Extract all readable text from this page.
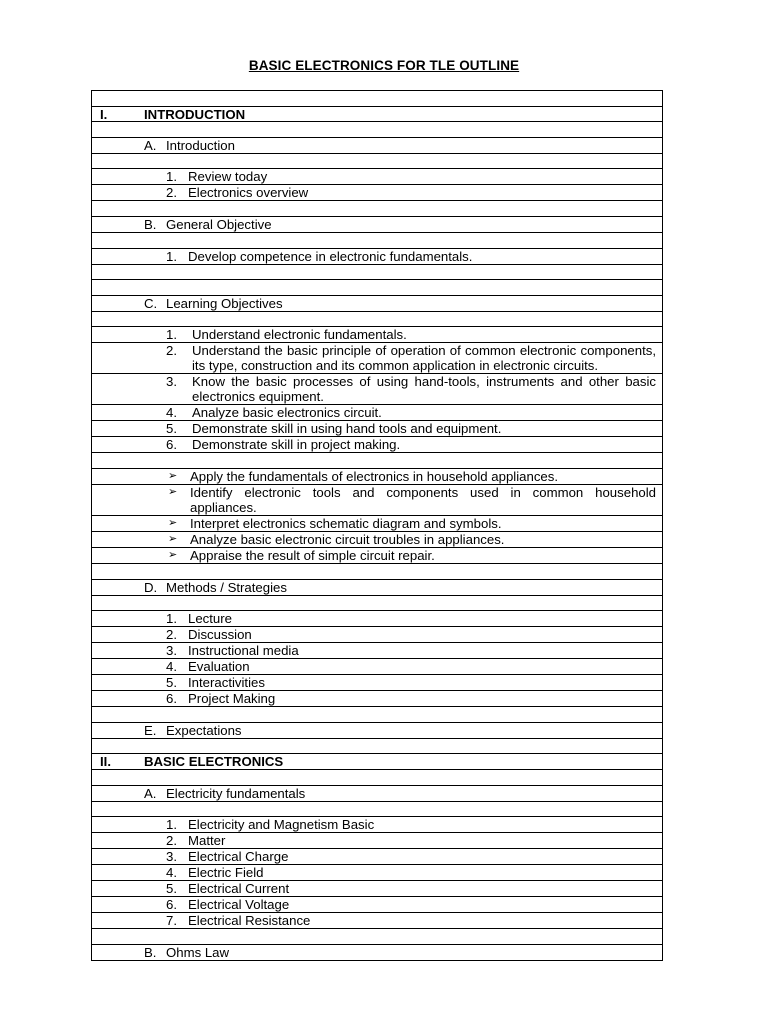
BASIC ELECTRONICS FOR TLE OUTLINE

I.	INTRODUCTION

A. Introduction

1. Review today

2. Electronics overview

B. General Objective

1. Develop competence in electronic fundamentals.

C. Learning Objectives

1.	Understand electronic fundamentals.

2.	Understand the basic principle of operation of common electronic components, its type, construction and its common application in electronic circuits.

3.	Know the basic processes of using hand-tools, instruments and other basic electronics equipment.

4.	Analyze basic electronics circuit.

5.	Demonstrate skill in using hand tools and equipment.

6.	Demonstrate skill in project making.

➢ Apply the fundamentals of electronics in household appliances.

➢ Identify electronic tools and components used in common household appliances.

➢ Interpret electronics schematic diagram and symbols.

➢ Analyze basic electronic circuit troubles in appliances.

➢ Appraise the result of simple circuit repair.

D. Methods / Strategies

1. Lecture

2. Discussion

3. Instructional media

4. Evaluation

5. Interactivities

6. Project Making

E. Expectations

II.	BASIC ELECTRONICS

A. Electricity fundamentals

1. Electricity and Magnetism Basic

2. Matter

3. Electrical Charge

4. Electric Field

5. Electrical Current

6. Electrical Voltage

7. Electrical Resistance

B. Ohms Law
